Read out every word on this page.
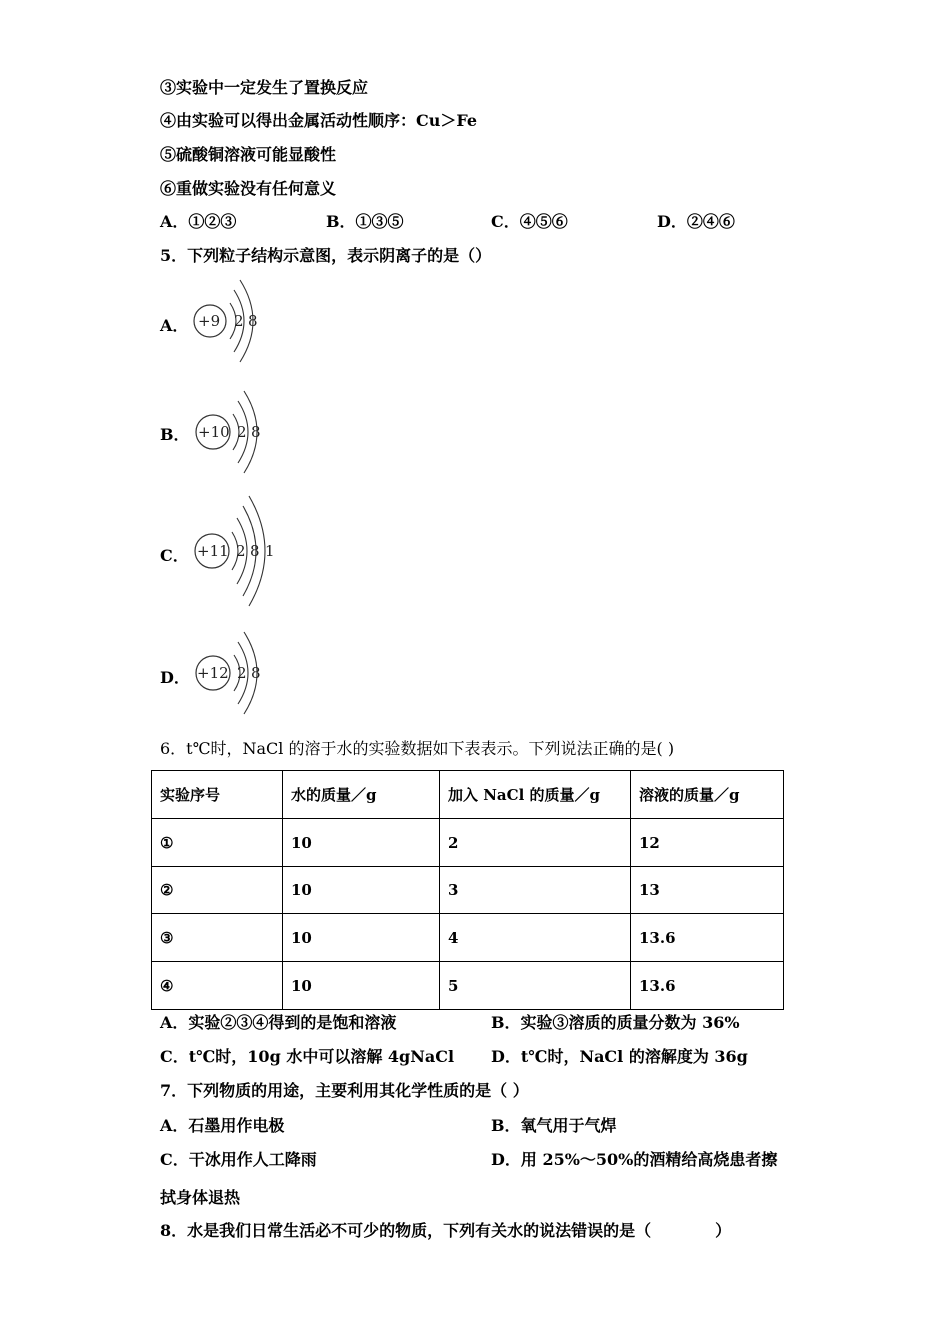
③实验中一定发生了置换反应
④由实验可以得出金属活动性顺序：Cu＞Fe
⑤硫酸铜溶液可能显酸性
⑥重做实验没有任何意义
A．①②③	B．①③⑤	C．④⑤⑥	D．②④⑥
5．下列粒子结构示意图，表示阴离子的是（）
A． +9 2 8
B． +10 2 8
C． +11 2 8 1
D． +12 2 8
6．t℃时，NaCl 的溶于水的实验数据如下表表示。下列说法正确的是( )
实验序号	水的质量／g	加入 NaCl 的质量／g	溶液的质量／g
①	10	2	12
②	10	3	13
③	10	4	13.6
④	10	5	13.6
A．实验②③④得到的是饱和溶液	B．实验③溶质的质量分数为 36%
C．t℃时，10g 水中可以溶解 4gNaCl D．t℃时，NaCl 的溶解度为 36g
7．下列物质的用途，主要利用其化学性质的是（ ）
A．石墨用作电极	B．氧气用于气焊
C．干冰用作人工降雨	D．用 25%～50%的酒精给高烧患者擦
拭身体退热
8．水是我们日常生活必不可少的物质，下列有关水的说法错误的是（　　　　）
